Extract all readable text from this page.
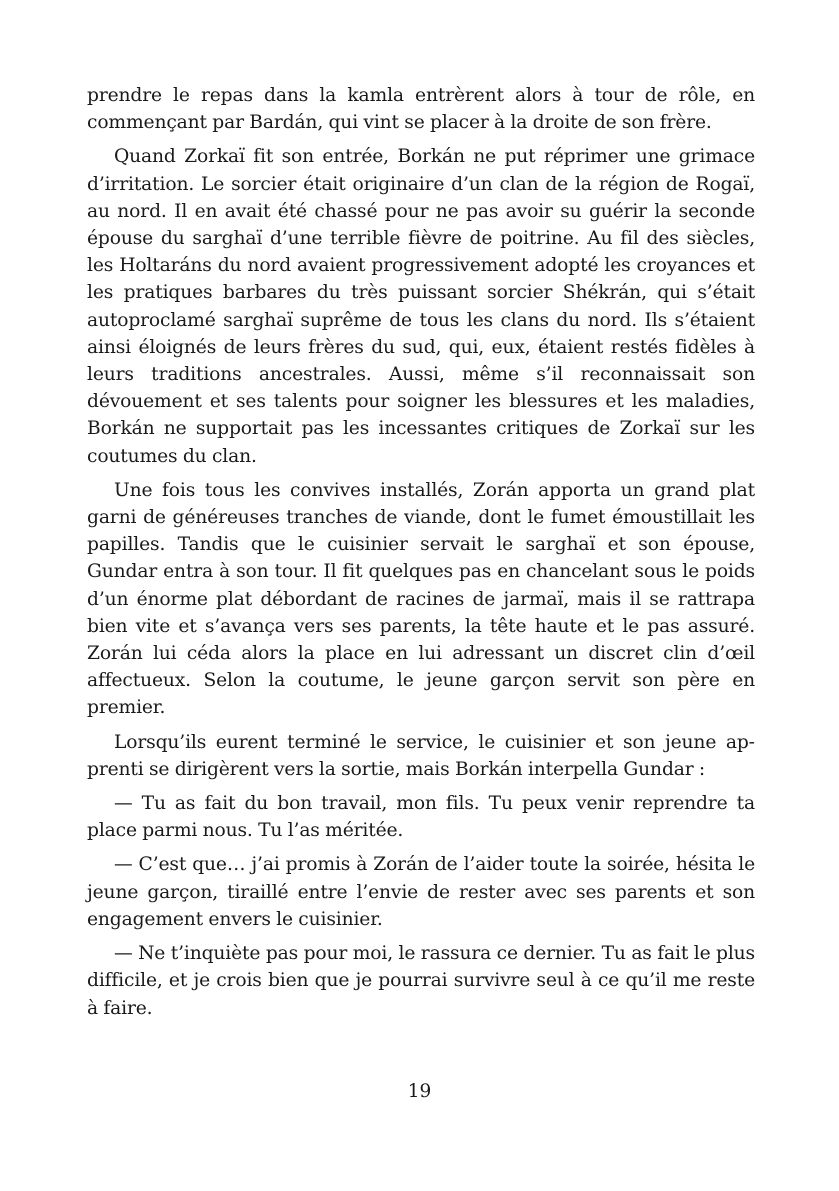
prendre le repas dans la kamla entrèrent alors à tour de rôle, en commençant par Bardán, qui vint se placer à la droite de son frère.

Quand Zorkaï fit son entrée, Borkán ne put réprimer une grimace d’irritation. Le sorcier était originaire d’un clan de la région de Rogaï, au nord. Il en avait été chassé pour ne pas avoir su guérir la seconde épouse du sarghaï d’une terrible fièvre de poitrine. Au fil des siècles, les Holtaráns du nord avaient progressivement adopté les croyances et les pratiques barbares du très puissant sorcier Shékrán, qui s’était autoproclamé sarghaï suprême de tous les clans du nord. Ils s’étaient ainsi éloignés de leurs frères du sud, qui, eux, étaient restés fidèles à leurs traditions ancestrales. Aussi, même s’il reconnaissait son dévouement et ses talents pour soigner les blessures et les maladies, Borkán ne supportait pas les incessantes critiques de Zorkaï sur les coutumes du clan.

Une fois tous les convives installés, Zorán apporta un grand plat garni de généreuses tranches de viande, dont le fumet émoustillait les papilles. Tandis que le cuisinier servait le sarghaï et son épouse, Gundar entra à son tour. Il fit quelques pas en chancelant sous le poids d’un énorme plat débordant de racines de jarmaï, mais il se rattrapa bien vite et s’avança vers ses parents, la tête haute et le pas assuré. Zorán lui céda alors la place en lui adressant un discret clin d’œil affectueux. Selon la coutume, le jeune garçon servit son père en premier.

Lorsqu’ils eurent terminé le service, le cuisinier et son jeune apprenti se dirigèrent vers la sortie, mais Borkán interpella Gundar :

— Tu as fait du bon travail, mon fils. Tu peux venir reprendre ta place parmi nous. Tu l’as méritée.

— C’est que… j’ai promis à Zorán de l’aider toute la soirée, hésita le jeune garçon, tiraillé entre l’envie de rester avec ses parents et son engagement envers le cuisinier.

— Ne t’inquiète pas pour moi, le rassura ce dernier. Tu as fait le plus difficile, et je crois bien que je pourrai survivre seul à ce qu’il me reste à faire.

19
